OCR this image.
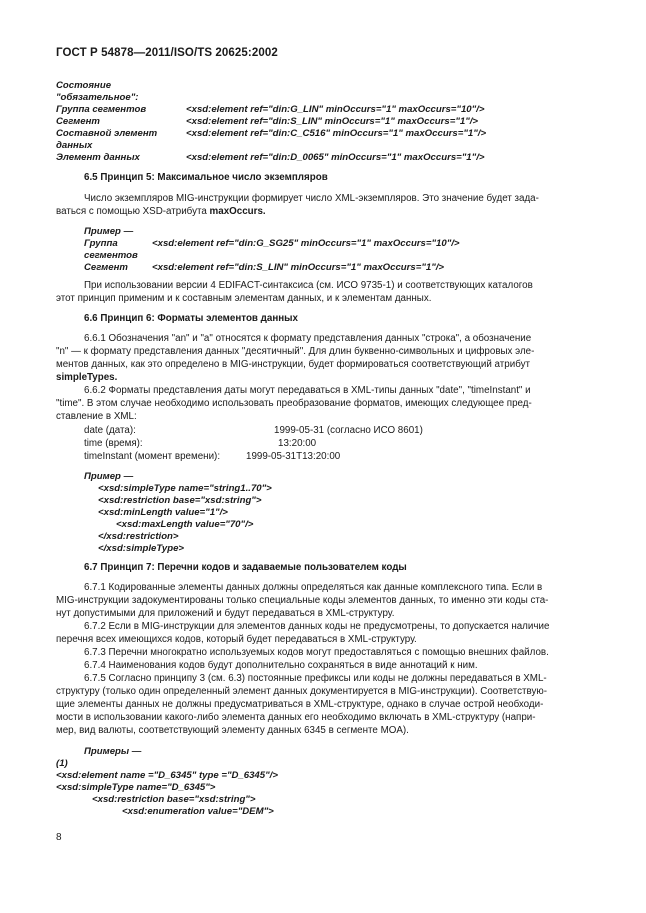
ГОСТ Р 54878—2011/ISO/TS 20625:2002
Состояние
"обязательное":
Группа сегментов	<xsd:element ref="din:G_LIN" minOccurs="1" maxOccurs="10"/>
Сегмент	<xsd:element ref="din:S_LIN" minOccurs="1" maxOccurs="1"/>
Составной элемент	<xsd:element ref="din:C_C516" minOccurs="1" maxOccurs="1"/>
данных
Элемент данных	<xsd:element ref="din:D_0065" minOccurs="1" maxOccurs="1"/>
6.5 Принцип 5: Максимальное число экземпляров
Число экземпляров MIG-инструкции формирует число XML-экземпляров. Это значение будет зада-
ваться с помощью XSD-атрибута maxOccurs.
Пример —
Группа	<xsd:element ref="din:G_SG25" minOccurs="1" maxOccurs="10"/>
сегментов
Сегмент	<xsd:element ref="din:S_LIN" minOccurs="1" maxOccurs="1"/>
При использовании версии 4 EDIFACT-синтаксиса (см. ИСО 9735-1) и соответствующих каталогов
этот принцип применим и к составным элементам данных, и к элементам данных.
6.6 Принцип 6: Форматы элементов данных
6.6.1 Обозначения "an" и "a" относятся к формату представления данных "строка", а обозначение
"n" — к формату представления данных "десятичный". Для длин буквенно-символьных и цифровых эле-
ментов данных, как это определено в MIG-инструкции, будет формироваться соответствующий атрибут
simpleTypes.
6.6.2 Форматы представления даты могут передаваться в XML-типы данных "date", "timeInstant" и
"time". В этом случае необходимо использовать преобразование форматов, имеющих следующее пред-
ставление в XML:
date (дата):	1999-05-31 (согласно ИСО 8601)
time (время):	13:20:00
timeInstant (момент времени):	1999-05-31T13:20:00
Пример —
<xsd:simpleType name="string1..70">
<xsd:restriction base="xsd:string">
<xsd:minLength value="1"/>
<xsd:maxLength value="70"/>
</xsd:restriction>
</xsd:simpleType>
6.7 Принцип 7: Перечни кодов и задаваемые пользователем коды
6.7.1 Кодированные элементы данных должны определяться как данные комплексного типа. Если в
MIG-инструкции задокументированы только специальные коды элементов данных, то именно эти коды ста-
нут допустимыми для приложений и будут передаваться в XML-структуру.
6.7.2 Если в MIG-инструкции для элементов данных коды не предусмотрены, то допускается наличие
перечня всех имеющихся кодов, который будет передаваться в XML-структуру.
6.7.3 Перечни многократно используемых кодов могут предоставляться с помощью внешних файлов.
6.7.4 Наименования кодов будут дополнительно сохраняться в виде аннотаций к ним.
6.7.5 Согласно принципу 3 (см. 6.3) постоянные префиксы или коды не должны передаваться в XML-
структуру (только один определенный элемент данных документируется в MIG-инструкции). Соответствую-
щие элементы данных не должны предусматриваться в XML-структуре, однако в случае острой необходи-
мости в использовании какого-либо элемента данных его необходимо включать в XML-структуру (напри-
мер, вид валюты, соответствующий элементу данных 6345 в сегменте MOA).
Примеры —
(1)
<xsd:element name ="D_6345" type ="D_6345"/>
<xsd:simpleType name="D_6345">
<xsd:restriction base="xsd:string">
<xsd:enumeration value="DEM">
8
